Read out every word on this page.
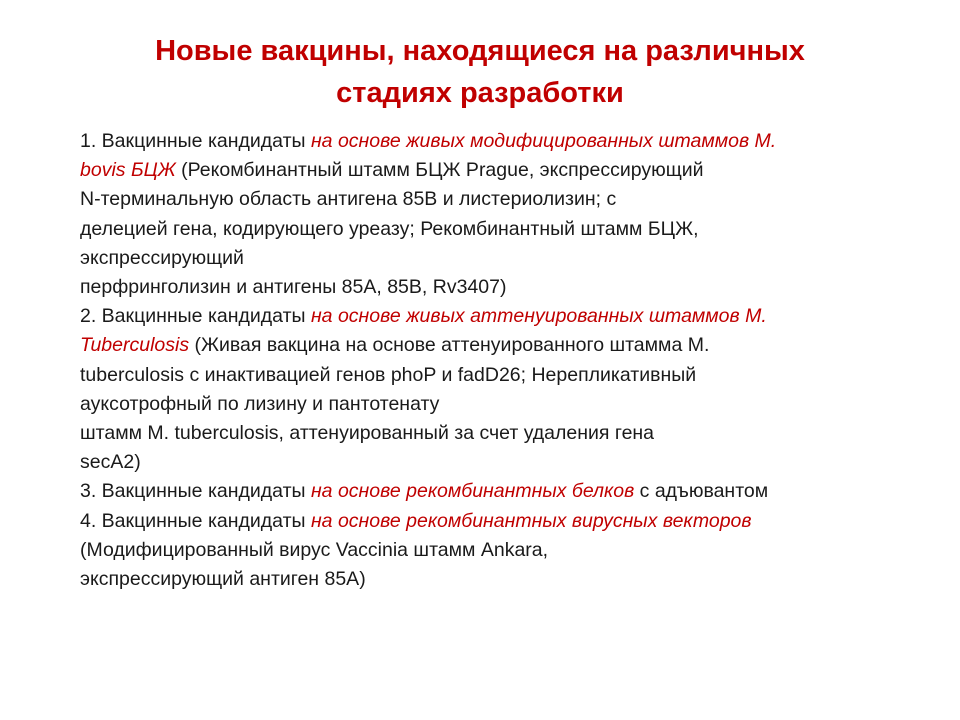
Новые вакцины, находящиеся на различных
стадиях разработки
1. Вакцинные кандидаты на основе живых модифицированных штаммов M.
bovis БЦЖ (Рекомбинантный штамм БЦЖ Prague, экспрессирующий
N-терминальную область антигена 85В и листериолизин; с
делецией гена, кодирующего уреазу; Рекомбинантный штамм БЦЖ,
экспрессирующий
перфринголизин и антигены 85А, 85В, Rv3407)
2. Вакцинные кандидаты на основе живых аттенуированных штаммов M.
Tuberculosis (Живая вакцина на основе аттенуированного штамма M.
tuberculosis с инактивацией генов phoP и fadD26; Нерепликативный
ауксотрофный по лизину и пантотенату
штамм M. tuberculosis, аттенуированный за счет удаления гена
secA2)
3. Вакцинные кандидаты на основе рекомбинантных белков с адъювантом
4. Вакцинные кандидаты на основе рекомбинантных вирусных векторов
(Модифицированный вирус Vaccinia штамм Ankara,
экспрессирующий антиген 85А)
